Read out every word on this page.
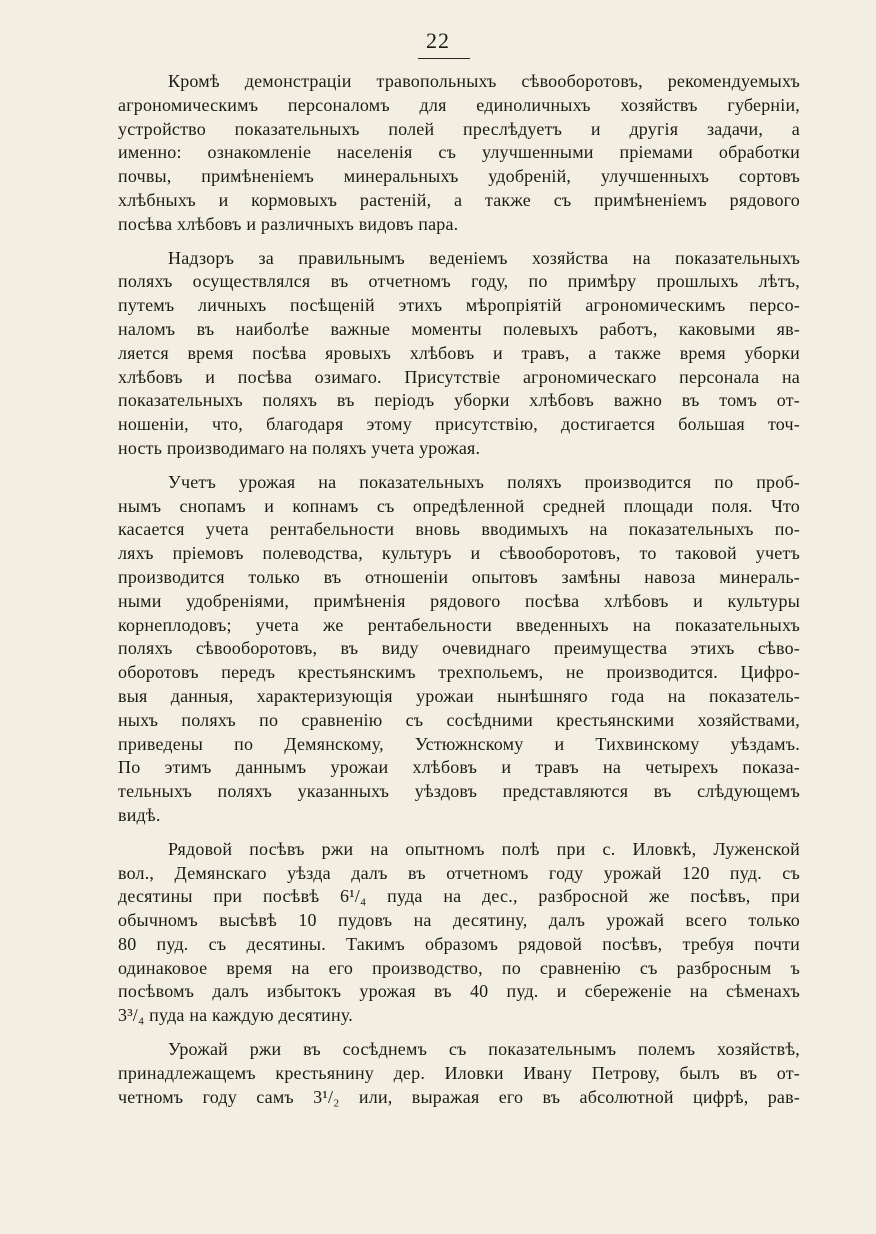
22

Кромѣ демонстраціи травопольныхъ сѣвооборотовъ, рекомендуемыхъ
агрономическимъ персоналомъ для единоличныхъ хозяйствъ губерніи,
устройство показательныхъ полей преслѣдуетъ и другія задачи, а
именно: ознакомленіе населенія съ улучшенными пріемами обработки
почвы, примѣненіемъ минеральныхъ удобреній, улучшенныхъ сортовъ
хлѣбныхъ и кормовыхъ растеній, а также съ примѣненіемъ рядового
посѣва хлѣбовъ и различныхъ видовъ пара.

Надзоръ за правильнымъ веденіемъ хозяйства на показательныхъ
поляхъ осуществлялся въ отчетномъ году, по примѣру прошлыхъ лѣтъ,
путемъ личныхъ посѣщеній этихъ мѣропріятій агрономическимъ персо-
наломъ въ наиболѣе важные моменты полевыхъ работъ, каковыми яв-
ляется время посѣва яровыхъ хлѣбовъ и травъ, а также время уборки
хлѣбовъ и посѣва озимаго. Присутствіе агрономическаго персонала на
показательныхъ поляхъ въ періодъ уборки хлѣбовъ важно въ томъ от-
ношеніи, что, благодаря этому присутствію, достигается большая точ-
ность производимаго на поляхъ учета урожая.

Учетъ урожая на показательныхъ поляхъ производится по проб-
нымъ снопамъ и копнамъ съ опредѣленной средней площади поля. Что
касается учета рентабельности вновь вводимыхъ на показательныхъ по-
ляхъ пріемовъ полеводства, культуръ и сѣвооборотовъ, то таковой учетъ
производится только въ отношеніи опытовъ замѣны навоза минераль-
ными удобреніями, примѣненія рядового посѣва хлѣбовъ и культуры
корнеплодовъ; учета же рентабельности введенныхъ на показательныхъ
поляхъ сѣвооборотовъ, въ виду очевиднаго преимущества этихъ сѣво-
оборотовъ передъ крестьянскимъ трехпольемъ, не производится. Цифро-
выя данныя, характеризующія урожаи нынѣшняго года на показатель-
ныхъ поляхъ по сравненію съ сосѣдними крестьянскими хозяйствами,
приведены по Демянскому, Устюжнскому и Тихвинскому уѣздамъ.
По этимъ даннымъ урожаи хлѣбовъ и травъ на четырехъ показа-
тельныхъ поляхъ указанныхъ уѣздовъ представляются въ слѣдующемъ
видѣ.

Рядовой посѣвъ ржи на опытномъ полѣ при с. Иловкѣ, Луженской
вол., Демянскаго уѣзда далъ въ отчетномъ году урожай 120 пуд. съ
десятины при посѣвѣ 6¹/₄ пуда на дес., разбросной же посѣвъ, при
обычномъ высѣвѣ 10 пудовъ на десятину, далъ урожай всего только
80 пуд. съ десятины. Такимъ образомъ рядовой посѣвъ, требуя почти
одинаковое время на его производство, по сравненію съ разбросным ъ
посѣвомъ далъ избытокъ урожая въ 40 пуд. и сбереженіе на сѣменахъ
3³/₄ пуда на каждую десятину.

Урожай ржи въ сосѣднемъ съ показательнымъ полемъ хозяйствѣ,
принадлежащемъ крестьянину дер. Иловки Ивану Петрову, былъ въ от-
четномъ году самъ 3¹/₂ или, выражая его въ абсолютной цифрѣ, рав-
